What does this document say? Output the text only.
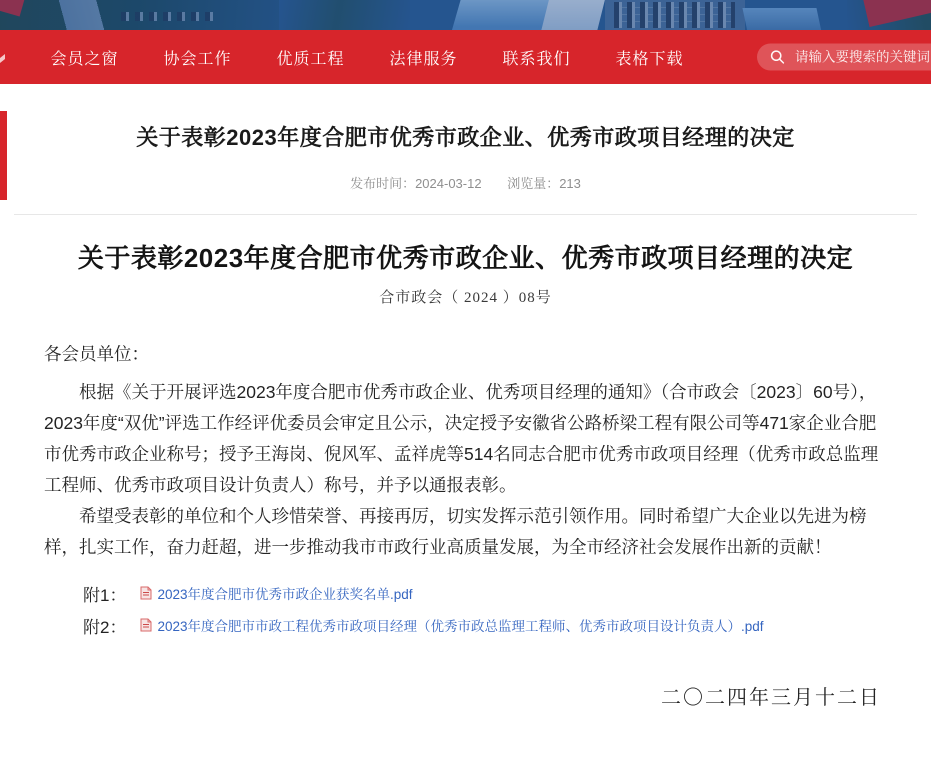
会员之窗	协会工作	优质工程	法律服务	联系我们	表格下载
请输入要搜索的关键词
关于表彰2023年度合肥市优秀市政企业、优秀市政项目经理的决定
发布时间：2024-03-12 浏览量：213
关于表彰2023年度合肥市优秀市政企业、优秀市政项目经理的决定
合市政会（ 2024 ）08号
各会员单位：

根据《关于开展评选2023年度合肥市优秀市政企业、优秀项目经理的通知》（合市政会〔2023〕60号），2023年度“双优”评选工作经评优委员会审定且公示，决定授予安徽省公路桥梁工程有限公司等471家企业合肥市优秀市政企业称号；授予王海岗、倪风军、孟祥虎等514名同志合肥市优秀市政项目经理（优秀市政总监理工程师、优秀市政项目设计负责人）称号，并予以通报表彰。

希望受表彰的单位和个人珍惜荣誉、再接再厉，切实发挥示范引领作用。同时希望广大企业以先进为榜样，扎实工作，奋力赶超，进一步推动我市市政行业高质量发展，为全市经济社会发展作出新的贡献！

附1： 2023年度合肥市优秀市政企业获奖名单.pdf
附2： 2023年度合肥市市政工程优秀市政项目经理（优秀市政总监理工程师、优秀市政项目设计负责人）.pdf
二〇二四年三月十二日
